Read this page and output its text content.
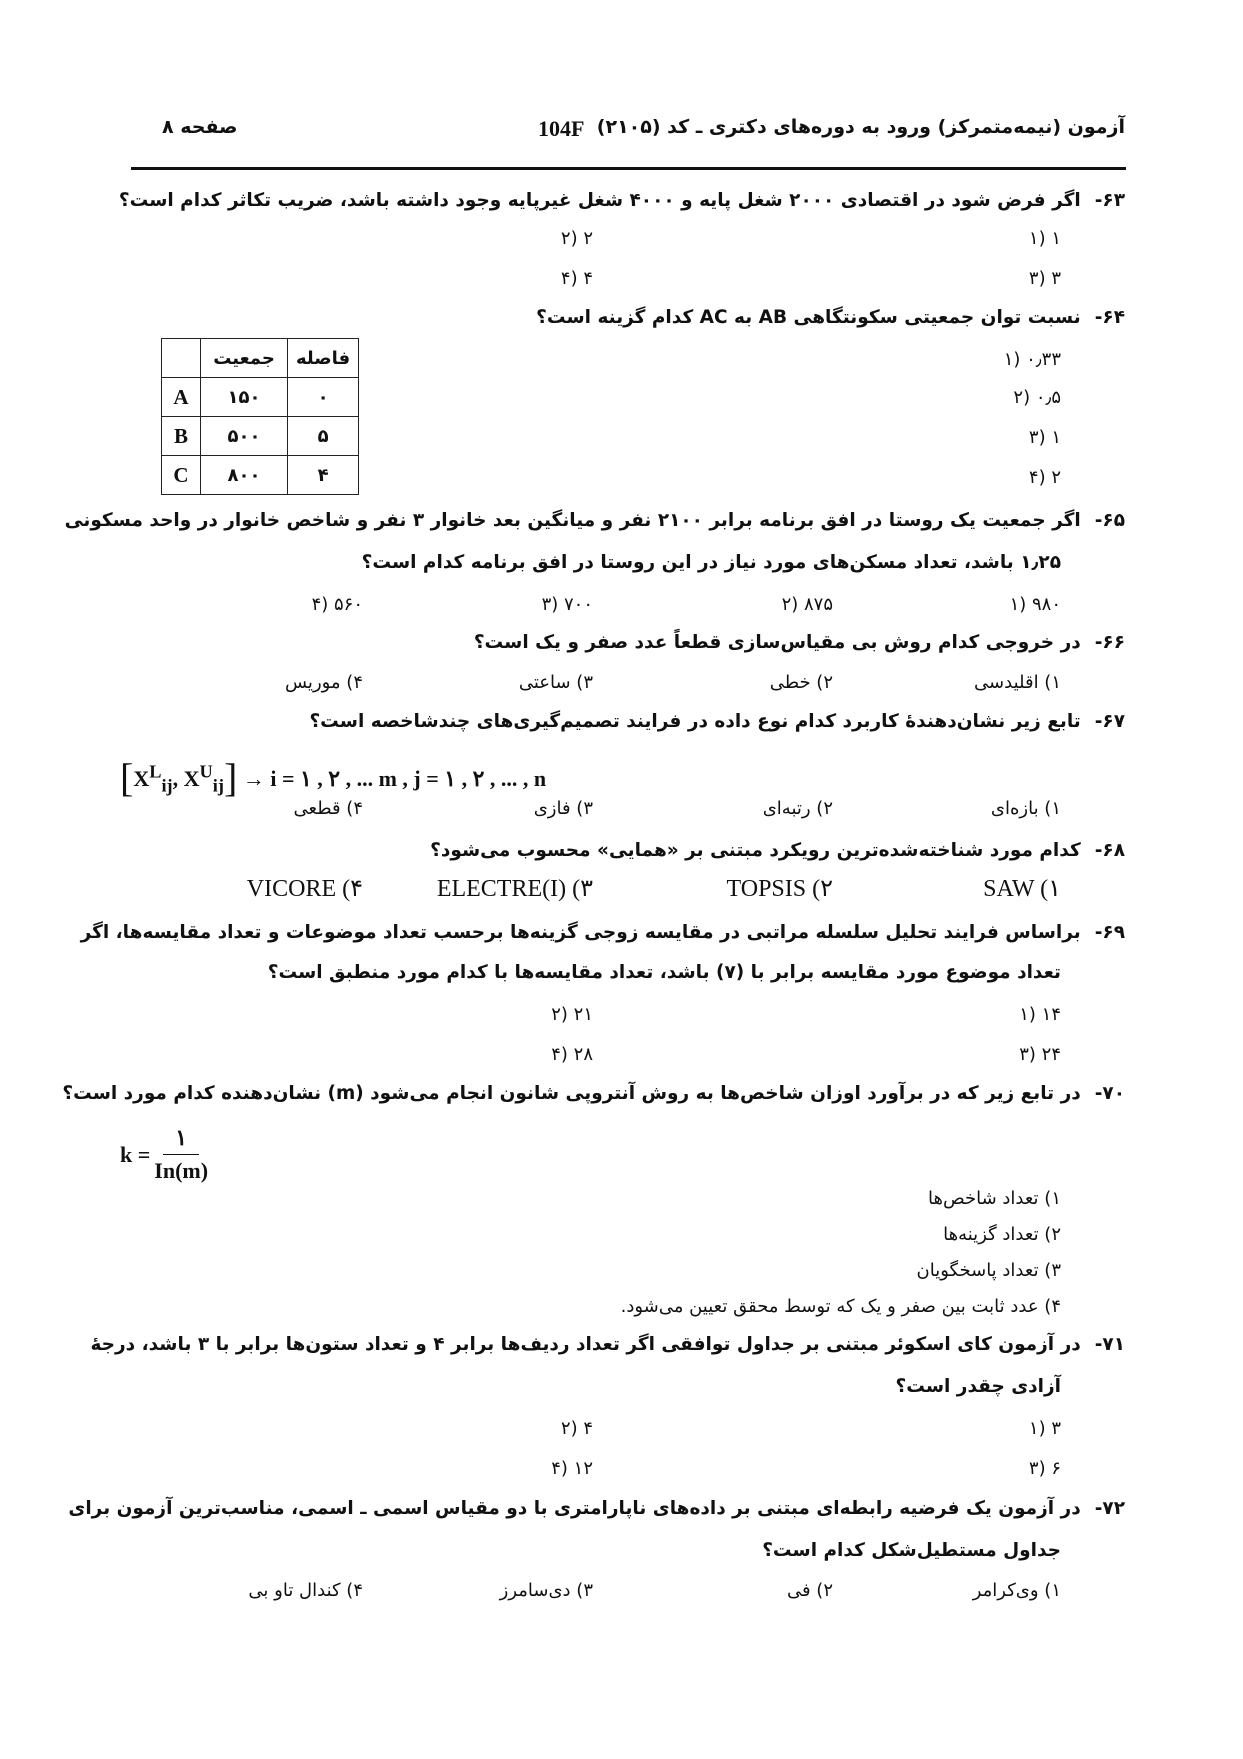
آزمون (نیمه‌متمرکز) ورود به دوره‌های دکتری ـ کد (۲۱۰۵)
104F
صفحه ۸
۶۳-اگر فرض شود در اقتصادی ۲۰۰۰ شغل پایه و ۴۰۰۰ شغل غیرپایه وجود داشته باشد، ضریب تکاثر کدام است؟
۱ (۱
۲ (۲
۳ (۳
۴ (۴
۶۴-نسبت توان جمعیتی سکونتگاهی AB به AC کدام گزینه است؟
۰٫۳۳ (۱
۰٫۵ (۲
۱ (۳
۲ (۴
	جمعیت	فاصله
A	۱۵۰	۰
B	۵۰۰	۵
C	۸۰۰	۴
۶۵-اگر جمعیت یک روستا در افق برنامه برابر ۲۱۰۰ نفر و میانگین بعد خانوار ۳ نفر و شاخص خانوار در واحد مسکونی
۱٫۲۵ باشد، تعداد مسکن‌های مورد نیاز در این روستا در افق برنامه کدام است؟
۹۸۰ (۱
۸۷۵ (۲
۷۰۰ (۳
۵۶۰ (۴
۶۶-در خروجی کدام روش بی مقیاس‌سازی قطعاً عدد صفر و یک است؟
۱) اقلیدسی
۲) خطی
۳) ساعتی
۴) موریس
۶۷-تابع زیر نشان‌دهندهٔ کاربرد کدام نوع داده در فرایند تصمیم‌گیری‌های چندشاخصه است؟
[$X^L_{ij}$, $X^U_{ij}] \to i$ = ۱ , ۲ , ... m , j = ۱ , ۲ , ... , n
۱) بازه‌ای
۲) رتبه‌ای
۳) فازی
۴) قطعی
۶۸-کدام مورد شناخته‌شده‌ترین رویکرد مبتنی بر «همایی» محسوب می‌شود؟
SAW (۱
TOPSIS (۲
ELECTRE(I) (۳
VICORE (۴
۶۹-براساس فرایند تحلیل سلسله مراتبی در مقایسه زوجی گزینه‌ها برحسب تعداد موضوعات و تعداد مقایسه‌ها، اگر
تعداد موضوع مورد مقایسه برابر با (۷) باشد، تعداد مقایسه‌ها با کدام مورد منطبق است؟
۱۴ (۱
۲۱ (۲
۲۴ (۳
۲۸ (۴
۷۰-در تابع زیر که در برآورد اوزان شاخص‌ها به روش آنتروپی شانون انجام می‌شود (m) نشان‌دهنده کدام مورد است؟
$k = \frac{۱}{In(m)}$
۱) تعداد شاخص‌ها
۲) تعداد گزینه‌ها
۳) تعداد پاسخگویان
۴) عدد ثابت بین صفر و یک که توسط محقق تعیین می‌شود.
۷۱-در آزمون کای اسکوئر مبتنی بر جداول توافقی اگر تعداد ردیف‌ها برابر ۴ و تعداد ستون‌ها برابر با ۳ باشد، درجهٔ
آزادی چقدر است؟
۳ (۱
۴ (۲
۶ (۳
۱۲ (۴
۷۲-در آزمون یک فرضیه رابطه‌ای مبتنی بر داده‌های ناپارامتری با دو مقیاس اسمی ـ اسمی، مناسب‌ترین آزمون برای
جداول مستطیل‌شکل کدام است؟
۱) وی‌کرامر
۲) فی
۳) دی‌سامرز
۴) کندال تاو بی
